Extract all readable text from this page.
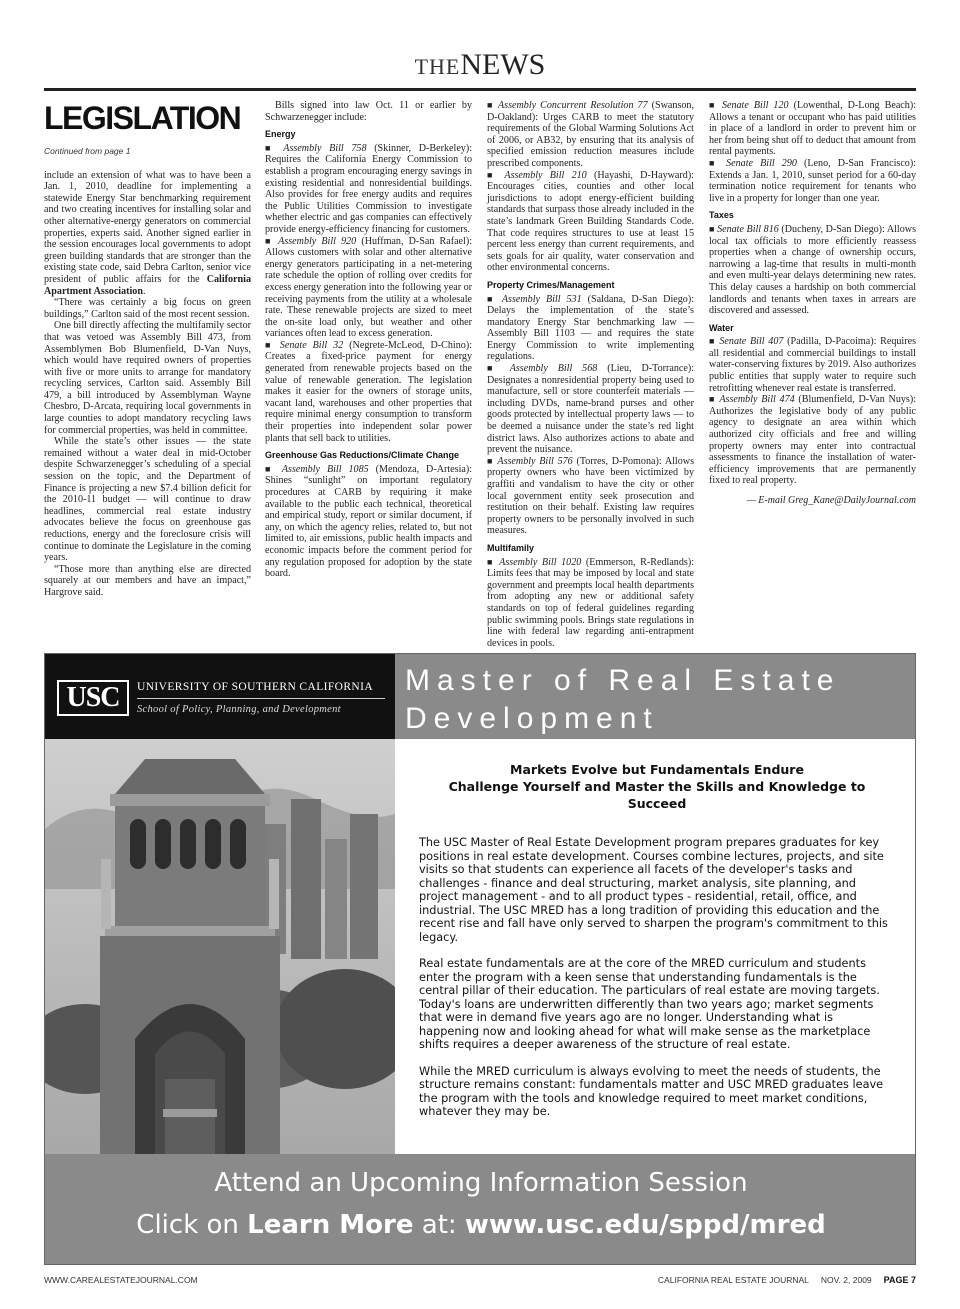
THENEWS
LEGISLATION
Continued from page 1

include an extension of what was to have been a Jan. 1, 2010, deadline for implementing a statewide Energy Star benchmarking requirement and two creating incentives for installing solar and other alternative-energy generators on commercial properties, experts said. Another signed earlier in the session encourages local governments to adopt green building standards that are stronger than the existing state code, said Debra Carlton, senior vice president of public affairs for the California Apartment Association.

“There was certainly a big focus on green buildings,” Carlton said of the most recent session.

One bill directly affecting the multifamily sector that was vetoed was Assembly Bill 473, from Assemblymen Bob Blumenfield, D-Van Nuys, which would have required owners of properties with five or more units to arrange for mandatory recycling services, Carlton said. Assembly Bill 479, a bill introduced by Assemblyman Wayne Chesbro, D-Arcata, requiring local governments in large counties to adopt mandatory recycling laws for commercial properties, was held in committee.

While the state’s other issues — the state remained without a water deal in mid-October despite Schwarzenegger’s scheduling of a special session on the topic, and the Department of Finance is projecting a new $7.4 billion deficit for the 2010-11 budget — will continue to draw headlines, commercial real estate industry advocates believe the focus on greenhouse gas reductions, energy and the foreclosure crisis will continue to dominate the Legislature in the coming years.

“Those more than anything else are directed squarely at our members and have an impact,” Hargrove said.

Bills signed into law Oct. 11 or earlier by Schwarzenegger include:

Energy

■ Assembly Bill 758 (Skinner, D-Berkeley): Requires the California Energy Commission to establish a program encouraging energy savings in existing residential and nonresidential buildings. Also provides for free energy audits and requires the Public Utilities Commission to investigate whether electric and gas companies can effectively provide energy-efficiency financing for customers.

■ Assembly Bill 920 (Huffman, D-San Rafael): Allows customers with solar and other alternative energy generators participating in a net-metering rate schedule the option of rolling over credits for excess energy generation into the following year or receiving payments from the utility at a wholesale rate. These renewable projects are sized to meet the on-site load only, but weather and other variances often lead to excess generation.

■ Senate Bill 32 (Negrete-McLeod, D-Chino): Creates a fixed-price payment for energy generated from renewable projects based on the value of renewable generation. The legislation makes it easier for the owners of storage units, vacant land, warehouses and other properties that require minimal energy consumption to transform their properties into independent solar power plants that sell back to utilities.

Greenhouse Gas Reductions/Climate Change

■ Assembly Bill 1085 (Mendoza, D-Artesia): Shines “sunlight” on important regulatory procedures at CARB by requiring it make available to the public each technical, theoretical and empirical study, report or similar document, if any, on which the agency relies, related to, but not limited to, air emissions, public health impacts and economic impacts before the comment period for any regulation proposed for adoption by the state board.

■ Assembly Concurrent Resolution 77 (Swanson, D-Oakland): Urges CARB to meet the statutory requirements of the Global Warming Solutions Act of 2006, or AB32, by ensuring that its analysis of specified emission reduction measures include prescribed components.

■ Assembly Bill 210 (Hayashi, D-Hayward): Encourages cities, counties and other local jurisdictions to adopt energy-efficient building standards that surpass those already included in the state’s landmark Green Building Standards Code. That code requires structures to use at least 15 percent less energy than current requirements, and sets goals for air quality, water conservation and other environmental concerns.

Property Crimes/Management

■ Assembly Bill 531 (Saldana, D-San Diego): Delays the implementation of the state’s mandatory Energy Star benchmarking law — Assembly Bill 1103 — and requires the state Energy Commission to write implementing regulations.

■ Assembly Bill 568 (Lieu, D-Torrance): Designates a nonresidential property being used to manufacture, sell or store counterfeit materials — including DVDs, name-brand purses and other goods protected by intellectual property laws — to be deemed a nuisance under the state’s red light district laws. Also authorizes actions to abate and prevent the nuisance.

■ Assembly Bill 576 (Torres, D-Pomona): Allows property owners who have been victimized by graffiti and vandalism to have the city or other local government entity seek prosecution and restitution on their behalf. Existing law requires property owners to be personally involved in such measures.

Multifamily

■ Assembly Bill 1020 (Emmerson, R-Redlands): Limits fees that may be imposed by local and state government and preempts local health departments from adopting any new or additional safety standards on top of federal guidelines regarding public swimming pools. Brings state regulations in line with federal law regarding anti-entrapment devices in pools.

■ Senate Bill 120 (Lowenthal, D-Long Beach): Allows a tenant or occupant who has paid utilities in place of a landlord in order to prevent him or her from being shut off to deduct that amount from rental payments.

■ Senate Bill 290 (Leno, D-San Francisco): Extends a Jan. 1, 2010, sunset period for a 60-day termination notice requirement for tenants who live in a property for longer than one year.

Taxes

■ Senate Bill 816 (Ducheny, D-San Diego): Allows local tax officials to more efficiently reassess properties when a change of ownership occurs, narrowing a lag-time that results in multi-month and even multi-year delays determining new rates. This delay causes a hardship on both commercial landlords and tenants when taxes in arrears are discovered and assessed.

Water

■ Senate Bill 407 (Padilla, D-Pacoima): Requires all residential and commercial buildings to install water-conserving fixtures by 2019. Also authorizes public entities that supply water to require such retrofitting whenever real estate is transferred.

■ Assembly Bill 474 (Blumenfield, D-Van Nuys): Authorizes the legislative body of any public agency to designate an area within which authorized city officials and free and willing property owners may enter into contractual assessments to finance the installation of water-efficiency improvements that are permanently fixed to real property.

— E-mail Greg_Kane@DailyJournal.com
USC	UNIVERSITY OF SOUTHERN CALIFORNIA
School of Policy, Planning, and Development
Master of Real Estate Development
Markets Evolve but Fundamentals Endure
Challenge Yourself and Master the Skills and Knowledge to Succeed

The USC Master of Real Estate Development program prepares graduates for key positions in real estate development. Courses combine lectures, projects, and site visits so that students can experience all facets of the developer's tasks and challenges - finance and deal structuring, market analysis, site planning, and project management - and to all product types - residential, retail, office, and industrial. The USC MRED has a long tradition of providing this education and the recent rise and fall have only served to sharpen the program's commitment to this legacy.

Real estate fundamentals are at the core of the MRED curriculum and students enter the program with a keen sense that understanding fundamentals is the central pillar of their education. The particulars of real estate are moving targets. Today's loans are underwritten differently than two years ago; market segments that were in demand five years ago are no longer. Understanding what is happening now and looking ahead for what will make sense as the marketplace shifts requires a deeper awareness of the structure of real estate.

While the MRED curriculum is always evolving to meet the needs of students, the structure remains constant: fundamentals matter and USC MRED graduates leave the program with the tools and knowledge required to meet market conditions, whatever they may be.

Attend an Upcoming Information Session
Click on Learn More at: www.usc.edu/sppd/mred
WWW.CAREALESTATEJOURNAL.COM	CALIFORNIA REAL ESTATE JOURNAL NOV. 2, 2009 PAGE 7
